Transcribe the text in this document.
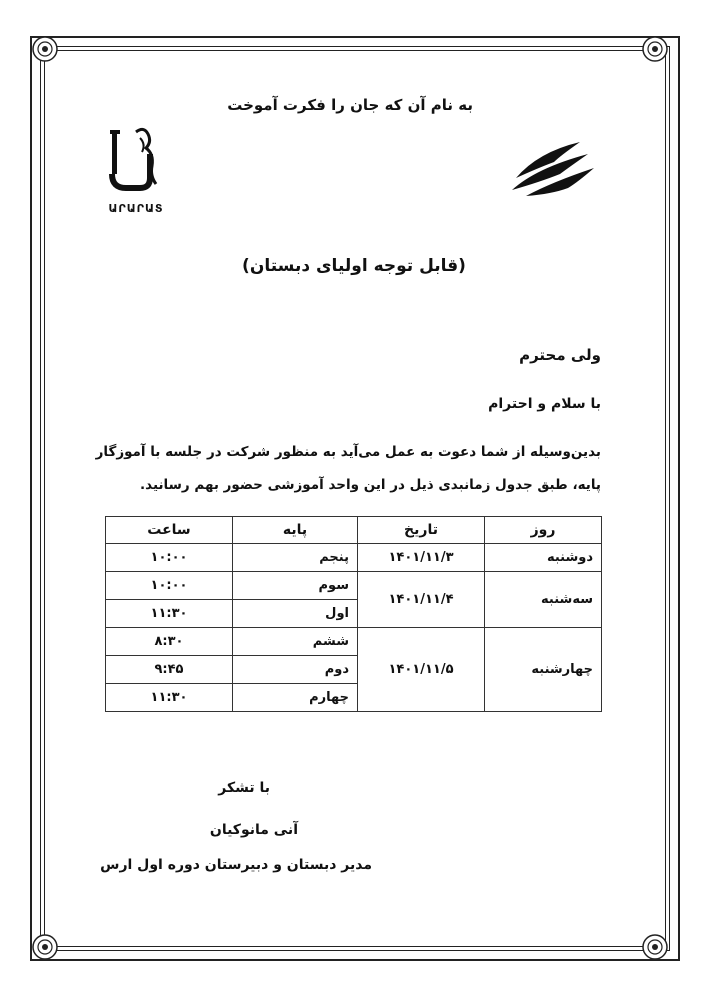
به نام آن که جان را فکرت آموخت
ԱՐԱՐԱՏ
(قابل توجه اولیای دبستان)
ولی محترم
با سلام و احترام
بدین‌وسیله از شما دعوت به عمل می‌آید به منظور شرکت در جلسه با آموزگار
پایه، طبق جدول زمانبدی ذیل در این واحد آموزشی حضور بهم رسانید.
روز	تاریخ	پایه	ساعت
دوشنبه	۱۴۰۱/۱۱/۳	پنجم	۱۰:۰۰
سه‌شنبه	۱۴۰۱/۱۱/۴	سوم	۱۰:۰۰
		اول	۱۱:۳۰
چهارشنبه	۱۴۰۱/۱۱/۵	ششم	۸:۳۰
		دوم	۹:۴۵
		چهارم	۱۱:۳۰
با تشکر
آنی مانوکیان
مدیر دبستان و دبیرستان دوره اول ارس
